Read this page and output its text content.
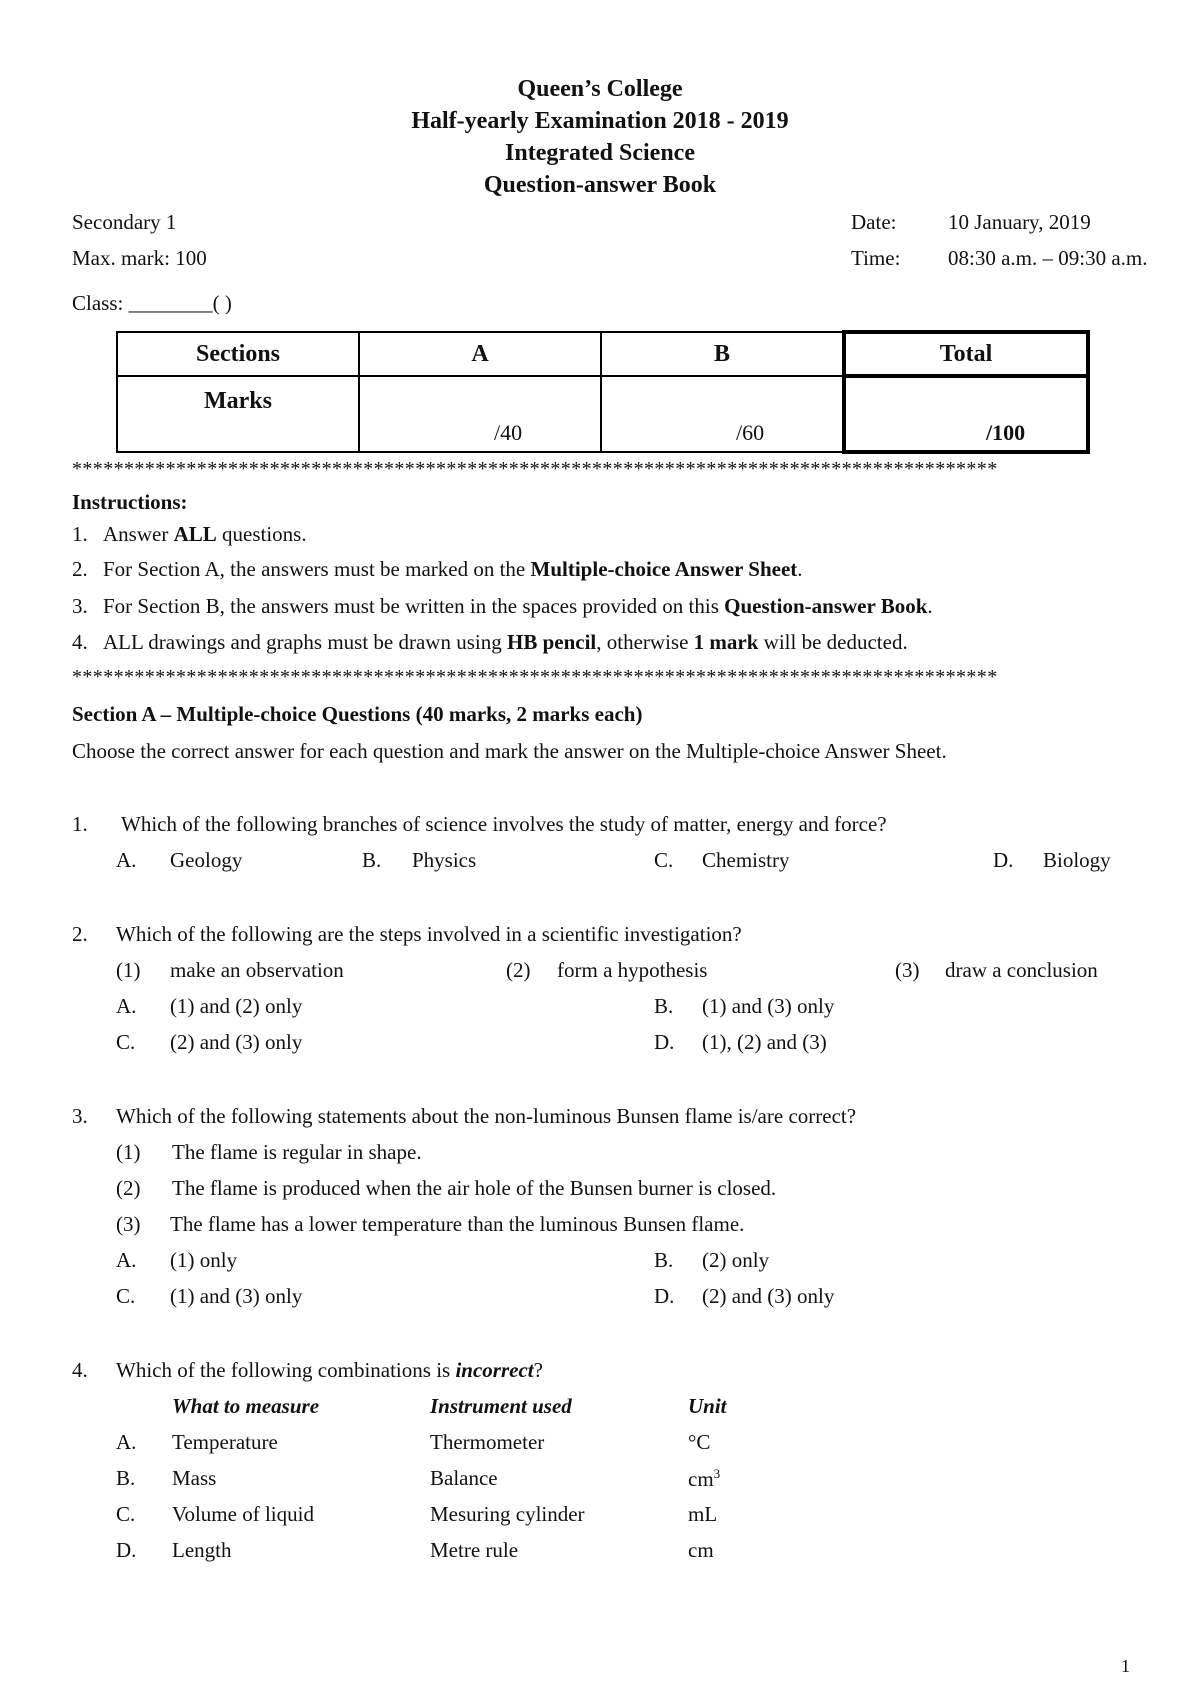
Queen’s College
Half-yearly Examination 2018 - 2019
Integrated Science
Question-answer Book
Secondary 1
Max. mark: 100
Class: ________( )
Date: 10 January, 2019
Time: 08:30 a.m. – 09:30 a.m.
Sections	A	B	Total

Marks	/40	/60	/100
*****************************************************************************************
Instructions:
1. Answer ALL questions.
2. For Section A, the answers must be marked on the Multiple-choice Answer Sheet.
3. For Section B, the answers must be written in the spaces provided on this Question-answer Book.
4. ALL drawings and graphs must be drawn using HB pencil, otherwise 1 mark will be deducted.
*****************************************************************************************
Section A – Multiple-choice Questions (40 marks, 2 marks each)
Choose the correct answer for each question and mark the answer on the Multiple-choice Answer Sheet.
1. Which of the following branches of science involves the study of matter, energy and force?
A. Geology	B. Physics	C. Chemistry	D. Biology
2. Which of the following are the steps involved in a scientific investigation?
(1) make an observation	(2) form a hypothesis	(3) draw a conclusion
A. (1) and (2) only	B. (1) and (3) only
C. (2) and (3) only	D. (1), (2) and (3)
3. Which of the following statements about the non-luminous Bunsen flame is/are correct?
(1) The flame is regular in shape.
(2) The flame is produced when the air hole of the Bunsen burner is closed.
(3) The flame has a lower temperature than the luminous Bunsen flame.
A. (1) only	B. (2) only
C. (1) and (3) only	D. (2) and (3) only
4. Which of the following combinations is incorrect?
What to measure	Instrument used	Unit
A. Temperature	Thermometer	°C
B. Mass	Balance	$cm^3$
C. Volume of liquid	Mesuring cylinder	mL
D. Length	Metre rule	cm
1
